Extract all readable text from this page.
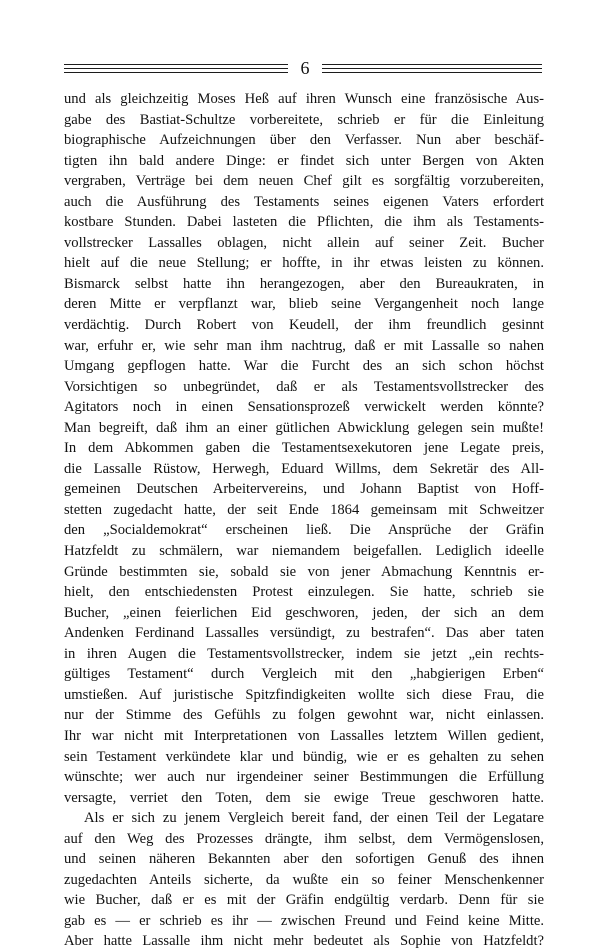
6
und als gleichzeitig Moses Heß auf ihren Wunsch eine französische Aus-
gabe des Bastiat-Schultze vorbereitete, schrieb er für die Einleitung
biographische Aufzeichnungen über den Verfasser. Nun aber beschäf-
tigten ihn bald andere Dinge: er findet sich unter Bergen von Akten
vergraben, Verträge bei dem neuen Chef gilt es sorgfältig vorzubereiten,
auch die Ausführung des Testaments seines eigenen Vaters erfordert
kostbare Stunden. Dabei lasteten die Pflichten, die ihm als Testaments-
vollstrecker Lassalles oblagen, nicht allein auf seiner Zeit. Bucher
hielt auf die neue Stellung; er hoffte, in ihr etwas leisten zu können.
Bismarck selbst hatte ihn herangezogen, aber den Bureaukraten, in
deren Mitte er verpflanzt war, blieb seine Vergangenheit noch lange
verdächtig. Durch Robert von Keudell, der ihm freundlich gesinnt
war, erfuhr er, wie sehr man ihm nachtrug, daß er mit Lassalle so nahen
Umgang gepflogen hatte. War die Furcht des an sich schon höchst
Vorsichtigen so unbegründet, daß er als Testamentsvollstrecker des
Agitators noch in einen Sensationsprozeß verwickelt werden könnte?
Man begreift, daß ihm an einer gütlichen Abwicklung gelegen sein mußte!
In dem Abkommen gaben die Testamentsexekutoren jene Legate preis,
die Lassalle Rüstow, Herwegh, Eduard Willms, dem Sekretär des All-
gemeinen Deutschen Arbeitervereins, und Johann Baptist von Hoff-
stetten zugedacht hatte, der seit Ende 1864 gemeinsam mit Schweitzer
den „Socialdemokrat“ erscheinen ließ. Die Ansprüche der Gräfin
Hatzfeldt zu schmälern, war niemandem beigefallen. Lediglich ideelle
Gründe bestimmten sie, sobald sie von jener Abmachung Kenntnis er-
hielt, den entschiedensten Protest einzulegen. Sie hatte, schrieb sie
Bucher, „einen feierlichen Eid geschworen, jeden, der sich an dem
Andenken Ferdinand Lassalles versündigt, zu bestrafen“. Das aber taten
in ihren Augen die Testamentsvollstrecker, indem sie jetzt „ein rechts-
gültiges Testament“ durch Vergleich mit den „habgierigen Erben“
umstießen. Auf juristische Spitzfindigkeiten wollte sich diese Frau, die
nur der Stimme des Gefühls zu folgen gewohnt war, nicht einlassen.
Ihr war nicht mit Interpretationen von Lassalles letztem Willen gedient,
sein Testament verkündete klar und bündig, wie er es gehalten zu sehen
wünschte; wer auch nur irgendeiner seiner Bestimmungen die Erfüllung
versagte, verriet den Toten, dem sie ewige Treue geschworen hatte.
Als er sich zu jenem Vergleich bereit fand, der einen Teil der Legatare
auf den Weg des Prozesses drängte, ihm selbst, dem Vermögenslosen,
und seinen näheren Bekannten aber den sofortigen Genuß des ihnen
zugedachten Anteils sicherte, da wußte ein so feiner Menschenkenner
wie Bucher, daß er es mit der Gräfin endgültig verdarb. Denn für sie
gab es — er schrieb es ihr — zwischen Freund und Feind keine Mitte.
Aber hatte Lassalle ihm nicht mehr bedeutet als Sophie von Hatzfeldt?
